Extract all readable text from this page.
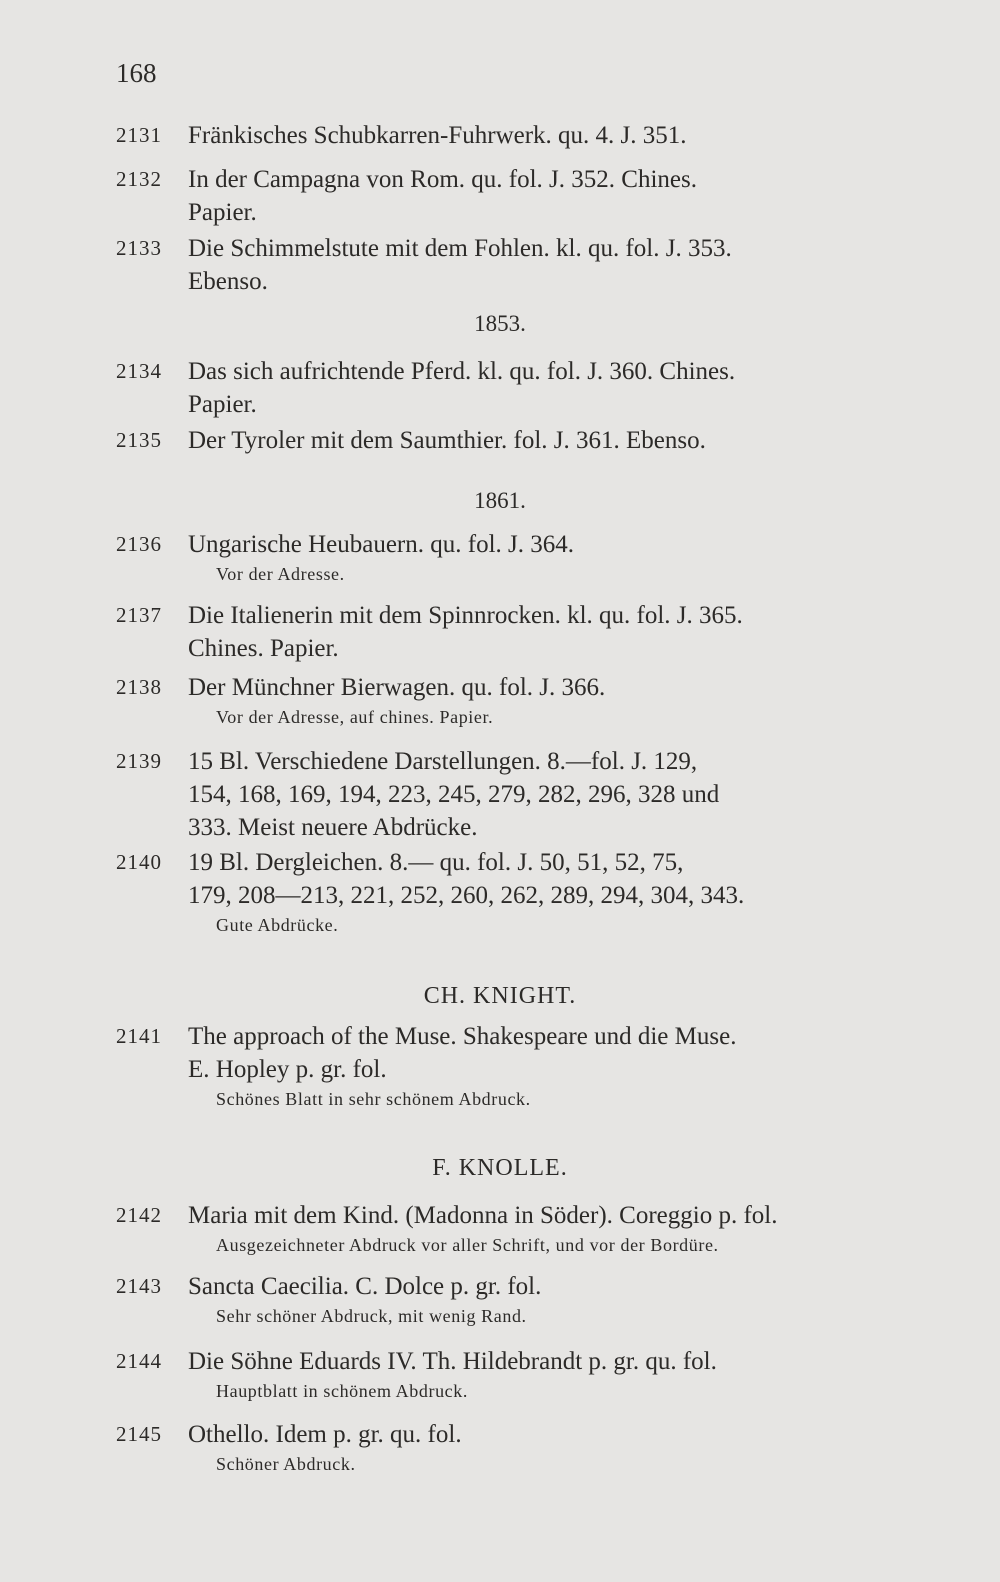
168
2131 Fränkisches Schubkarren-Fuhrwerk. qu. 4. J. 351.
2132 In der Campagna von Rom. qu. fol. J. 352. Chines.
Papier.
2133 Die Schimmelstute mit dem Fohlen. kl. qu. fol. J. 353.
Ebenso.
1853.
2134 Das sich aufrichtende Pferd. kl. qu. fol. J. 360. Chines.
Papier.
2135 Der Tyroler mit dem Saumthier. fol. J. 361. Ebenso.
1861.
2136 Ungarische Heubauern. qu. fol. J. 364.
Vor der Adresse.
2137 Die Italienerin mit dem Spinnrocken. kl. qu. fol. J. 365.
Chines. Papier.
2138 Der Münchner Bierwagen. qu. fol. J. 366.
Vor der Adresse, auf chines. Papier.
2139 15 Bl. Verschiedene Darstellungen. 8.—fol. J. 129,
154, 168, 169, 194, 223, 245, 279, 282, 296, 328 und
333. Meist neuere Abdrücke.
2140 19 Bl. Dergleichen. 8.— qu. fol. J. 50, 51, 52, 75,
179, 208—213, 221, 252, 260, 262, 289, 294, 304, 343.
Gute Abdrücke.
CH. KNIGHT.
2141 The approach of the Muse. Shakespeare und die Muse.
E. Hopley p. gr. fol.
Schönes Blatt in sehr schönem Abdruck.
F. KNOLLE.
2142 Maria mit dem Kind. (Madonna in Söder). Coreggio p. fol.
Ausgezeichneter Abdruck vor aller Schrift, und vor der Bordüre.
2143 Sancta Caecilia. C. Dolce p. gr. fol.
Sehr schöner Abdruck, mit wenig Rand.
2144 Die Söhne Eduards IV. Th. Hildebrandt p. gr. qu. fol.
Hauptblatt in schönem Abdruck.
2145 Othello. Idem p. gr. qu. fol.
Schöner Abdruck.
